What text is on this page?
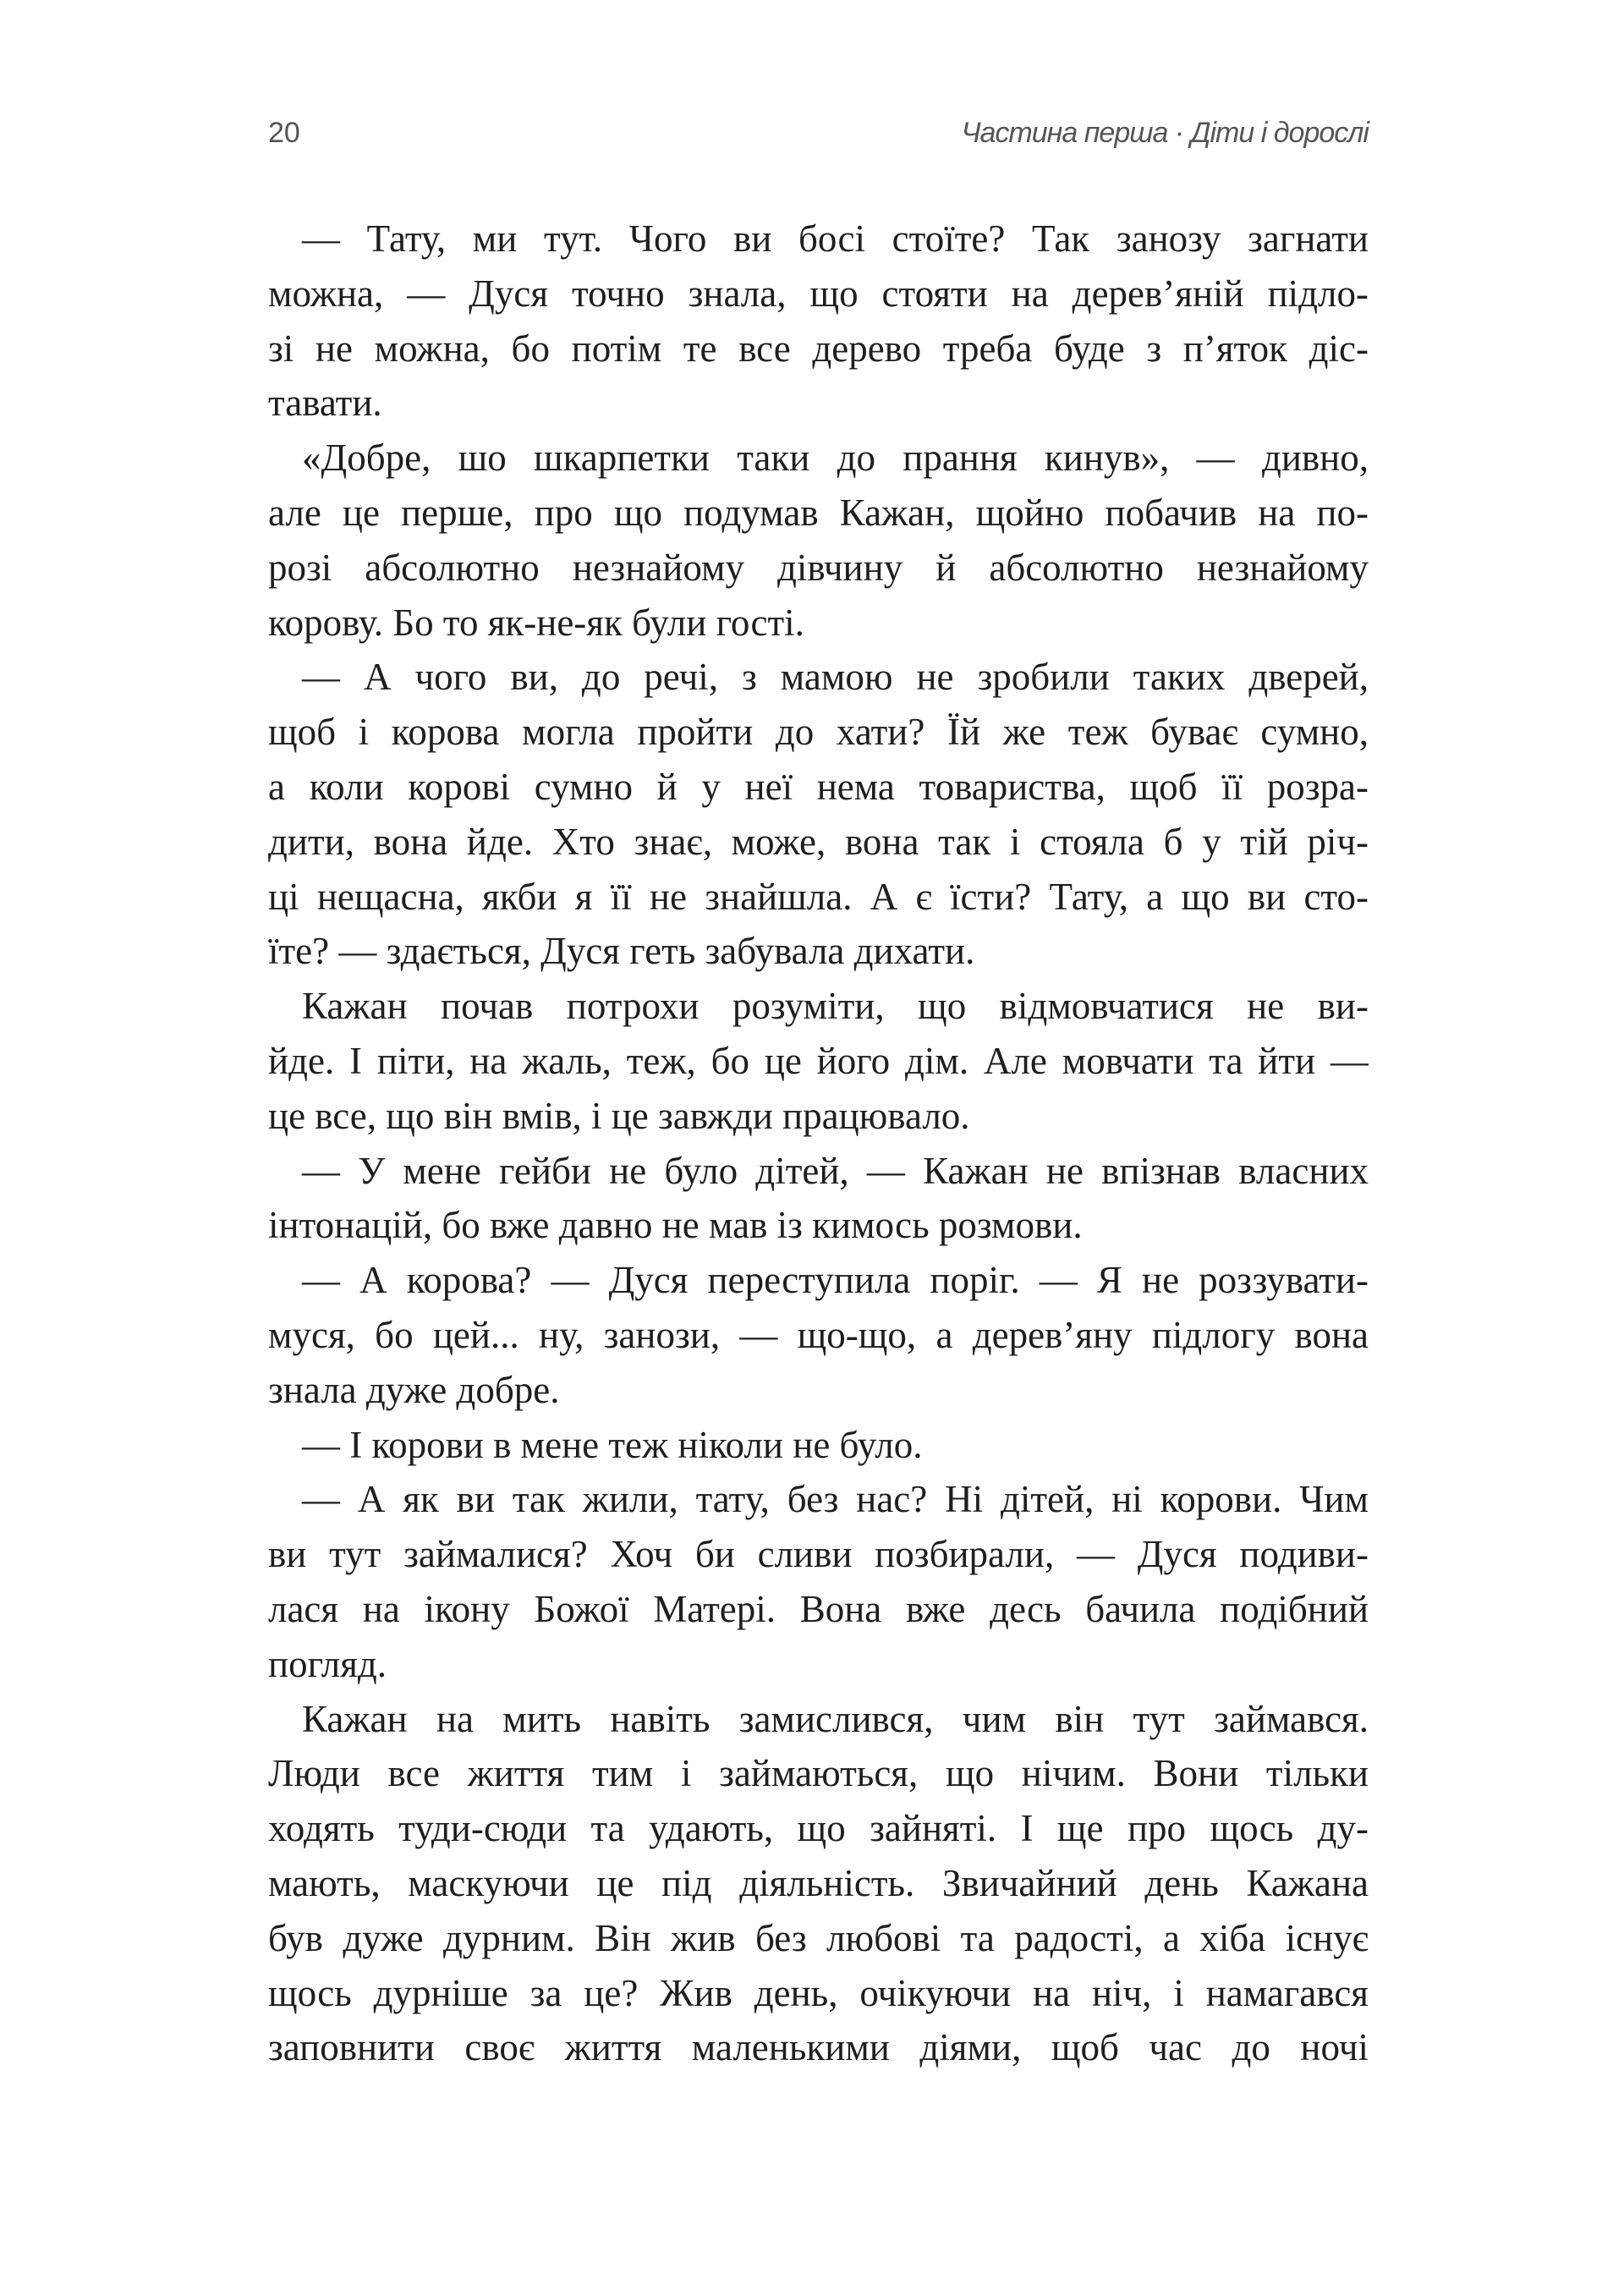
20	Частина перша · Діти і дорослі
— Тату, ми тут. Чого ви босі стоїте? Так занозу загнати
можна, — Дуся точно знала, що стояти на дерев’яній підло-
зі не можна, бо потім те все дерево треба буде з п’яток діс-
тавати.
«Добре, шо шкарпетки таки до прання кинув», — дивно,
але це перше, про що подумав Кажан, щойно побачив на по-
розі абсолютно незнайому дівчину й абсолютно незнайому
корову. Бо то як-не-як були гості.
— А чого ви, до речі, з мамою не зробили таких дверей,
щоб і корова могла пройти до хати? Їй же теж буває сумно,
а коли корові сумно й у неї нема товариства, щоб її розра-
дити, вона йде. Хто знає, може, вона так і стояла б у тій річ-
ці нещасна, якби я її не знайшла. А є їсти? Тату, а що ви сто-
їте? — здається, Дуся геть забувала дихати.
Кажан почав потрохи розуміти, що відмовчатися не ви-
йде. І піти, на жаль, теж, бо це його дім. Але мовчати та йти —
це все, що він вмів, і це завжди працювало.
— У мене гейби не було дітей, — Кажан не впізнав власних
інтонацій, бо вже давно не мав із кимось розмови.
— А корова? — Дуся переступила поріг. — Я не роззувати-
муся, бо цей... ну, занози, — що-що, а дерев’яну підлогу вона
знала дуже добре.
— І корови в мене теж ніколи не було.
— А як ви так жили, тату, без нас? Ні дітей, ні корови. Чим
ви тут займалися? Хоч би сливи позбирали, — Дуся подиви-
лася на ікону Божої Матері. Вона вже десь бачила подібний
погляд.
Кажан на мить навіть замислився, чим він тут займався.
Люди все життя тим і займаються, що нічим. Вони тільки
ходять туди-сюди та удають, що зайняті. І ще про щось ду-
мають, маскуючи це під діяльність. Звичайний день Кажана
був дуже дурним. Він жив без любові та радості, а хіба існує
щось дурніше за це? Жив день, очікуючи на ніч, і намагався
заповнити своє життя маленькими діями, щоб час до ночі
